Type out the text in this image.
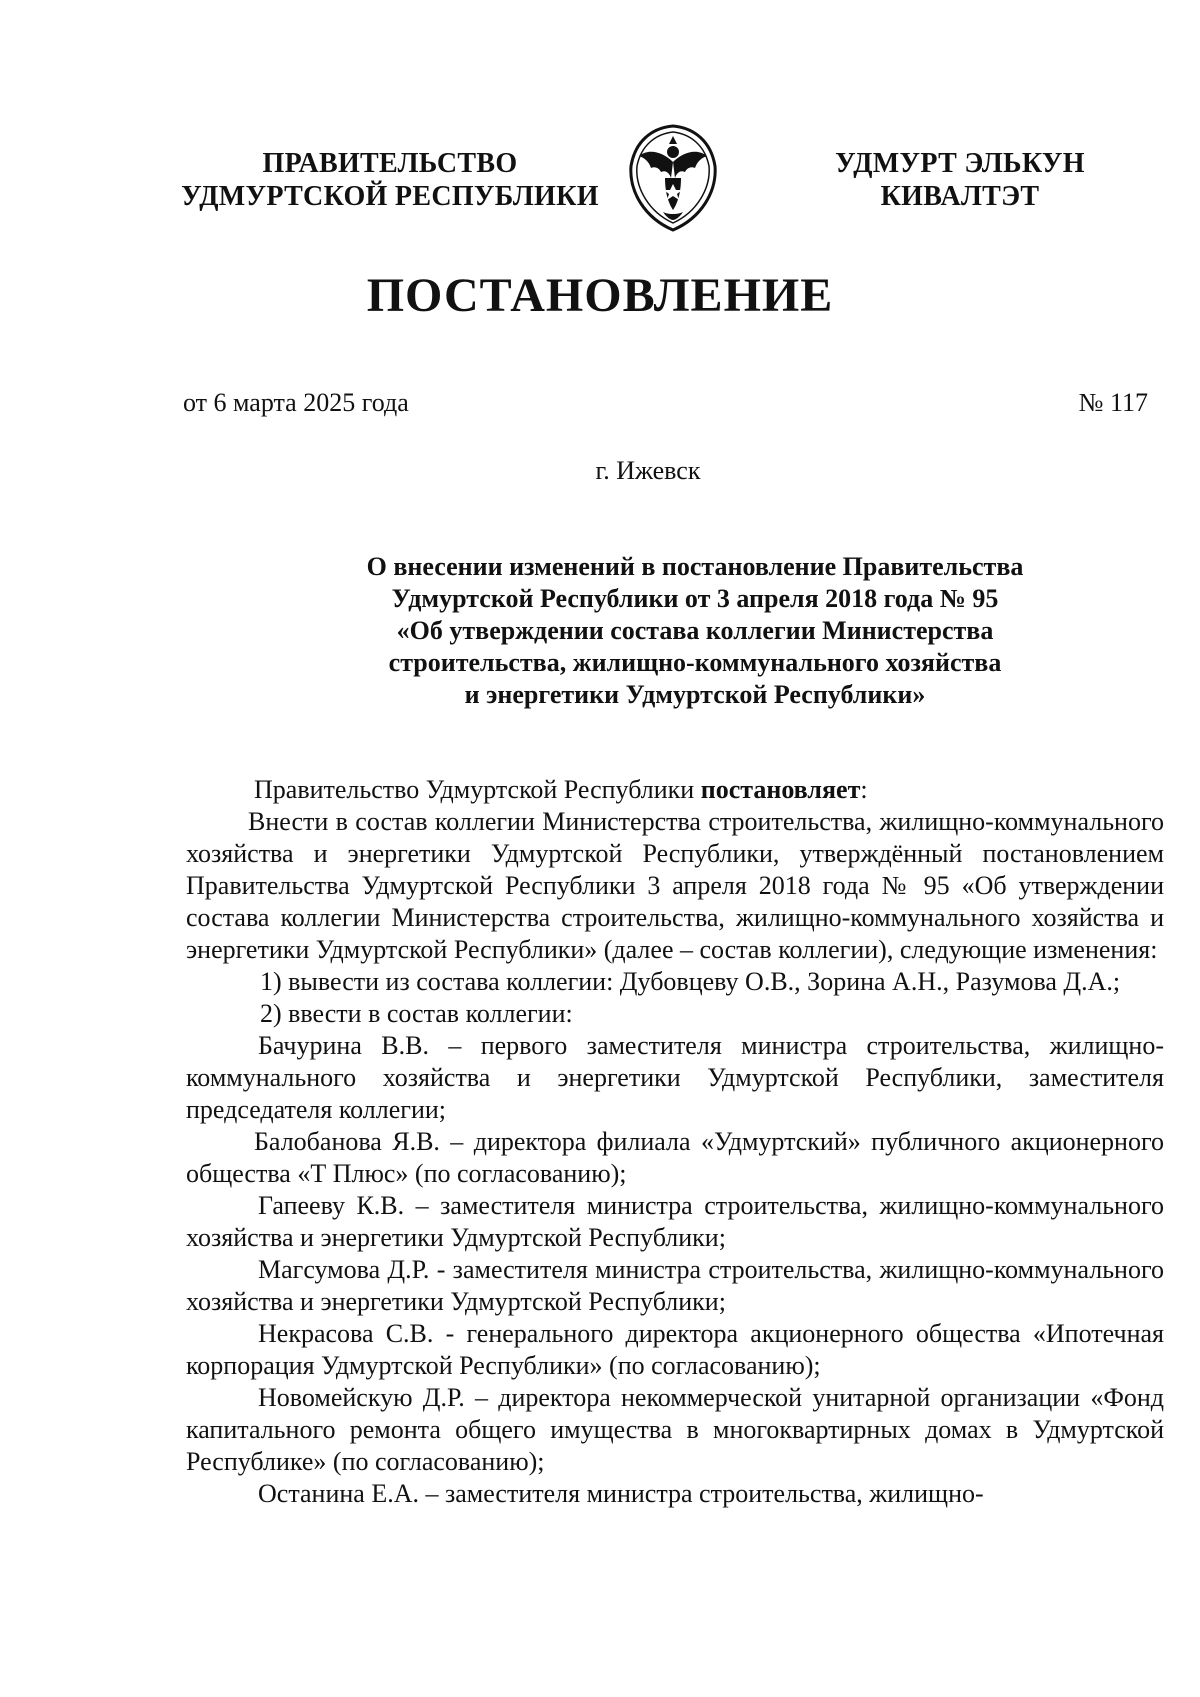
ПРАВИТЕЛЬСТВО
УДМУРТСКОЙ РЕСПУБЛИКИ
УДМУРТ ЭЛЬКУН
КИВАЛТЭТ
ПОСТАНОВЛЕНИЕ
от 6 марта 2025 года	№ 117
г. Ижевск
О внесении изменений в постановление Правительства
Удмуртской Республики от 3 апреля 2018 года № 95
«Об утверждении состава коллегии Министерства
строительства, жилищно-коммунального хозяйства
и энергетики Удмуртской Республики»

Правительство Удмуртской Республики постановляет:

Внести в состав коллегии Министерства строительства, жилищно-коммунального хозяйства и энергетики Удмуртской Республики, утверждённый постановлением Правительства Удмуртской Республики 3 апреля 2018 года № 95 «Об утверждении состава коллегии Министерства строительства, жилищно-коммунального хозяйства и энергетики Удмуртской Республики» (далее – состав коллегии), следующие изменения:

1) вывести из состава коллегии: Дубовцеву О.В., Зорина А.Н., Разумова Д.А.;

2) ввести в состав коллегии:

Бачурина В.В. – первого заместителя министра строительства, жилищно-коммунального хозяйства и энергетики Удмуртской Республики, заместителя председателя коллегии;

Балобанова Я.В. – директора филиала «Удмуртский» публичного акционерного общества «Т Плюс» (по согласованию);

Гапееву К.В. – заместителя министра строительства, жилищно-коммунального хозяйства и энергетики Удмуртской Республики;

Магсумова Д.Р. - заместителя министра строительства, жилищно-коммунального хозяйства и энергетики Удмуртской Республики;

Некрасова С.В. - генерального директора акционерного общества «Ипотечная корпорация Удмуртской Республики» (по согласованию);

Новомейскую Д.Р. – директора некоммерческой унитарной организации «Фонд капитального ремонта общего имущества в многоквартирных домах в Удмуртской Республике» (по согласованию);

Останина Е.А. – заместителя министра строительства, жилищно-
